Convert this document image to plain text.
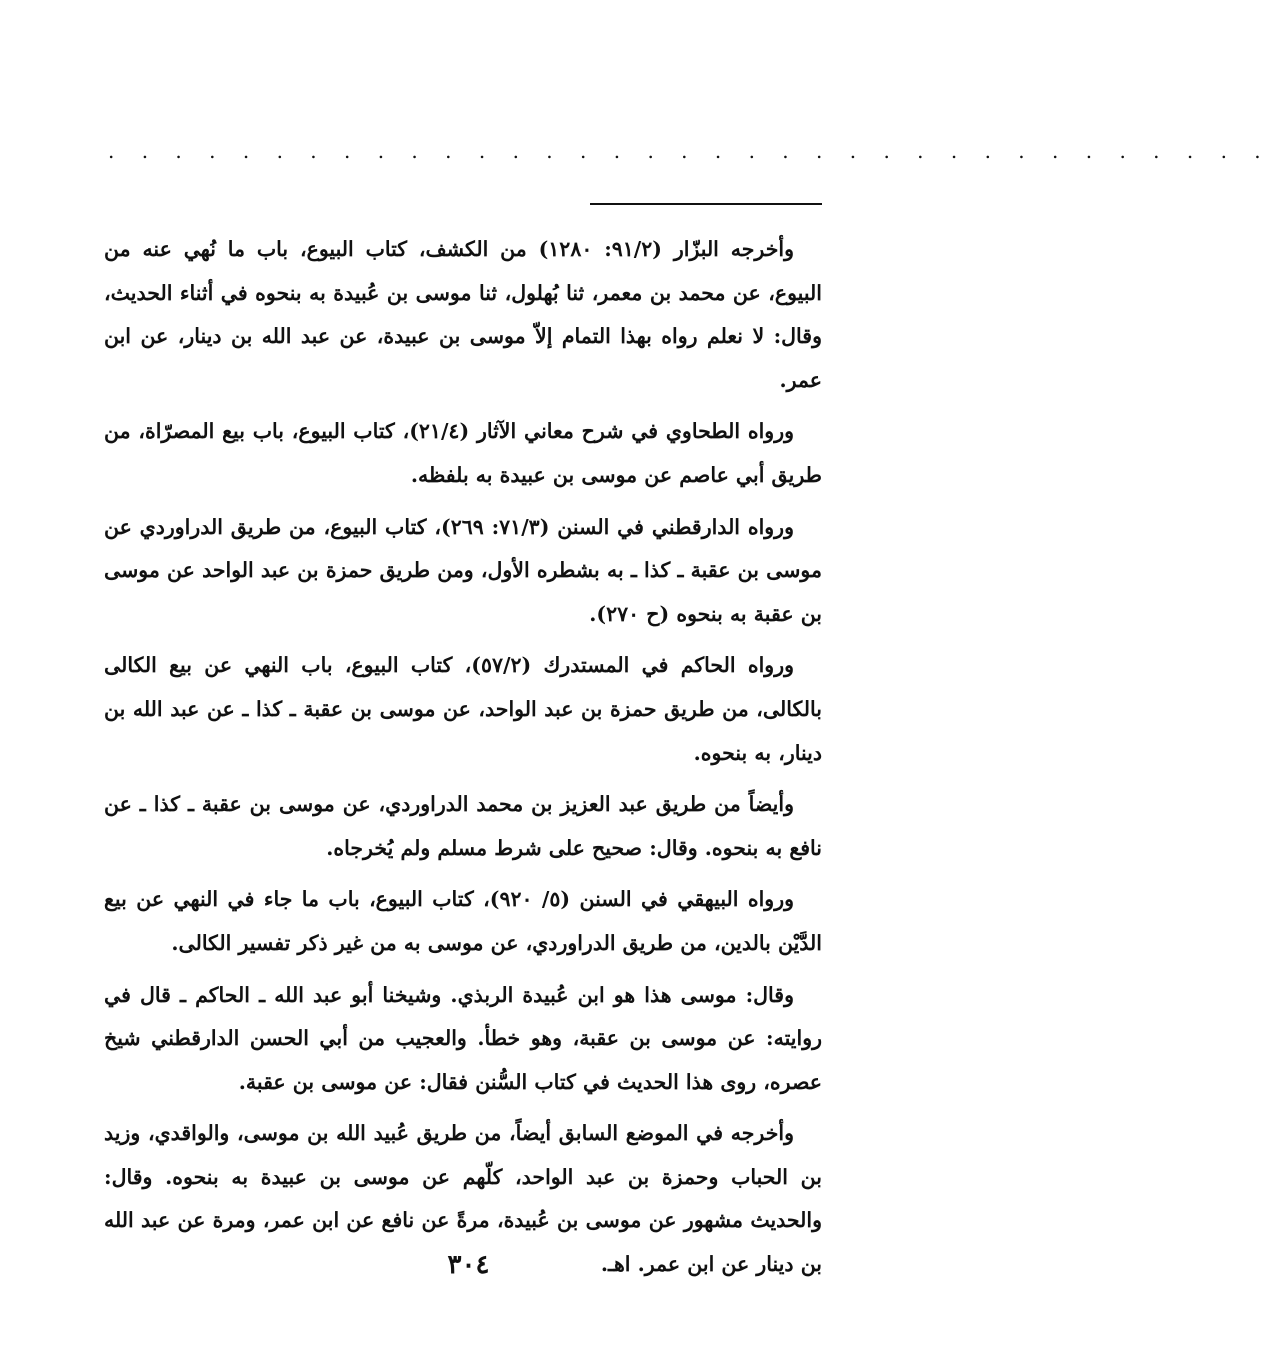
. . . . . . . . . . . . . . . . . . . . . . . . . . . . . . . . . . .

وأخرجه البزّار (٩١/٢: ١٢٨٠) من الكشف، كتاب البيوع، باب ما نُهي عنه من البيوع، عن محمد بن معمر، ثنا بُهلول، ثنا موسى بن عُبيدة به بنحوه في أثناء الحديث، وقال: لا نعلم رواه بهذا التمام إلاّ موسى بن عبيدة، عن عبد الله بن دينار، عن ابن عمر.

ورواه الطحاوي في شرح معاني الآثار (٢١/٤)، كتاب البيوع، باب بيع المصرّاة، من طريق أبي عاصم عن موسى بن عبيدة به بلفظه.

ورواه الدارقطني في السنن (٧١/٣: ٢٦٩)، كتاب البيوع، من طريق الدراوردي عن موسى بن عقبة ـ كذا ـ به بشطره الأول، ومن طريق حمزة بن عبد الواحد عن موسى بن عقبة به بنحوه (ح ٢٧٠).

ورواه الحاكم في المستدرك (٥٧/٢)، كتاب البيوع، باب النهي عن بيع الكالى بالكالى، من طريق حمزة بن عبد الواحد، عن موسى بن عقبة ـ كذا ـ عن عبد الله بن دينار، به بنحوه.

وأيضاً من طريق عبد العزيز بن محمد الدراوردي، عن موسى بن عقبة ـ كذا ـ عن نافع به بنحوه. وقال: صحيح على شرط مسلم ولم يُخرجاه.

ورواه البيهقي في السنن (٥/ ٩٢٠)، كتاب البيوع، باب ما جاء في النهي عن بيع الدَّيْن بالدين، من طريق الدراوردي، عن موسى به من غير ذكر تفسير الكالى.

وقال: موسى هذا هو ابن عُبيدة الربذي. وشيخنا أبو عبد الله ـ الحاكم ـ قال في روايته: عن موسى بن عقبة، وهو خطأ. والعجيب من أبي الحسن الدارقطني شيخ عصره، روى هذا الحديث في كتاب السُّنن فقال: عن موسى بن عقبة.

وأخرجه في الموضع السابق أيضاً، من طريق عُبيد الله بن موسى، والواقدي، وزيد بن الحباب وحمزة بن عبد الواحد، كلّهم عن موسى بن عبيدة به بنحوه. وقال: والحديث مشهور عن موسى بن عُبيدة، مرةً عن نافع عن ابن عمر، ومرة عن عبد الله بن دينار عن ابن عمر. اهـ.

٣٠٤
